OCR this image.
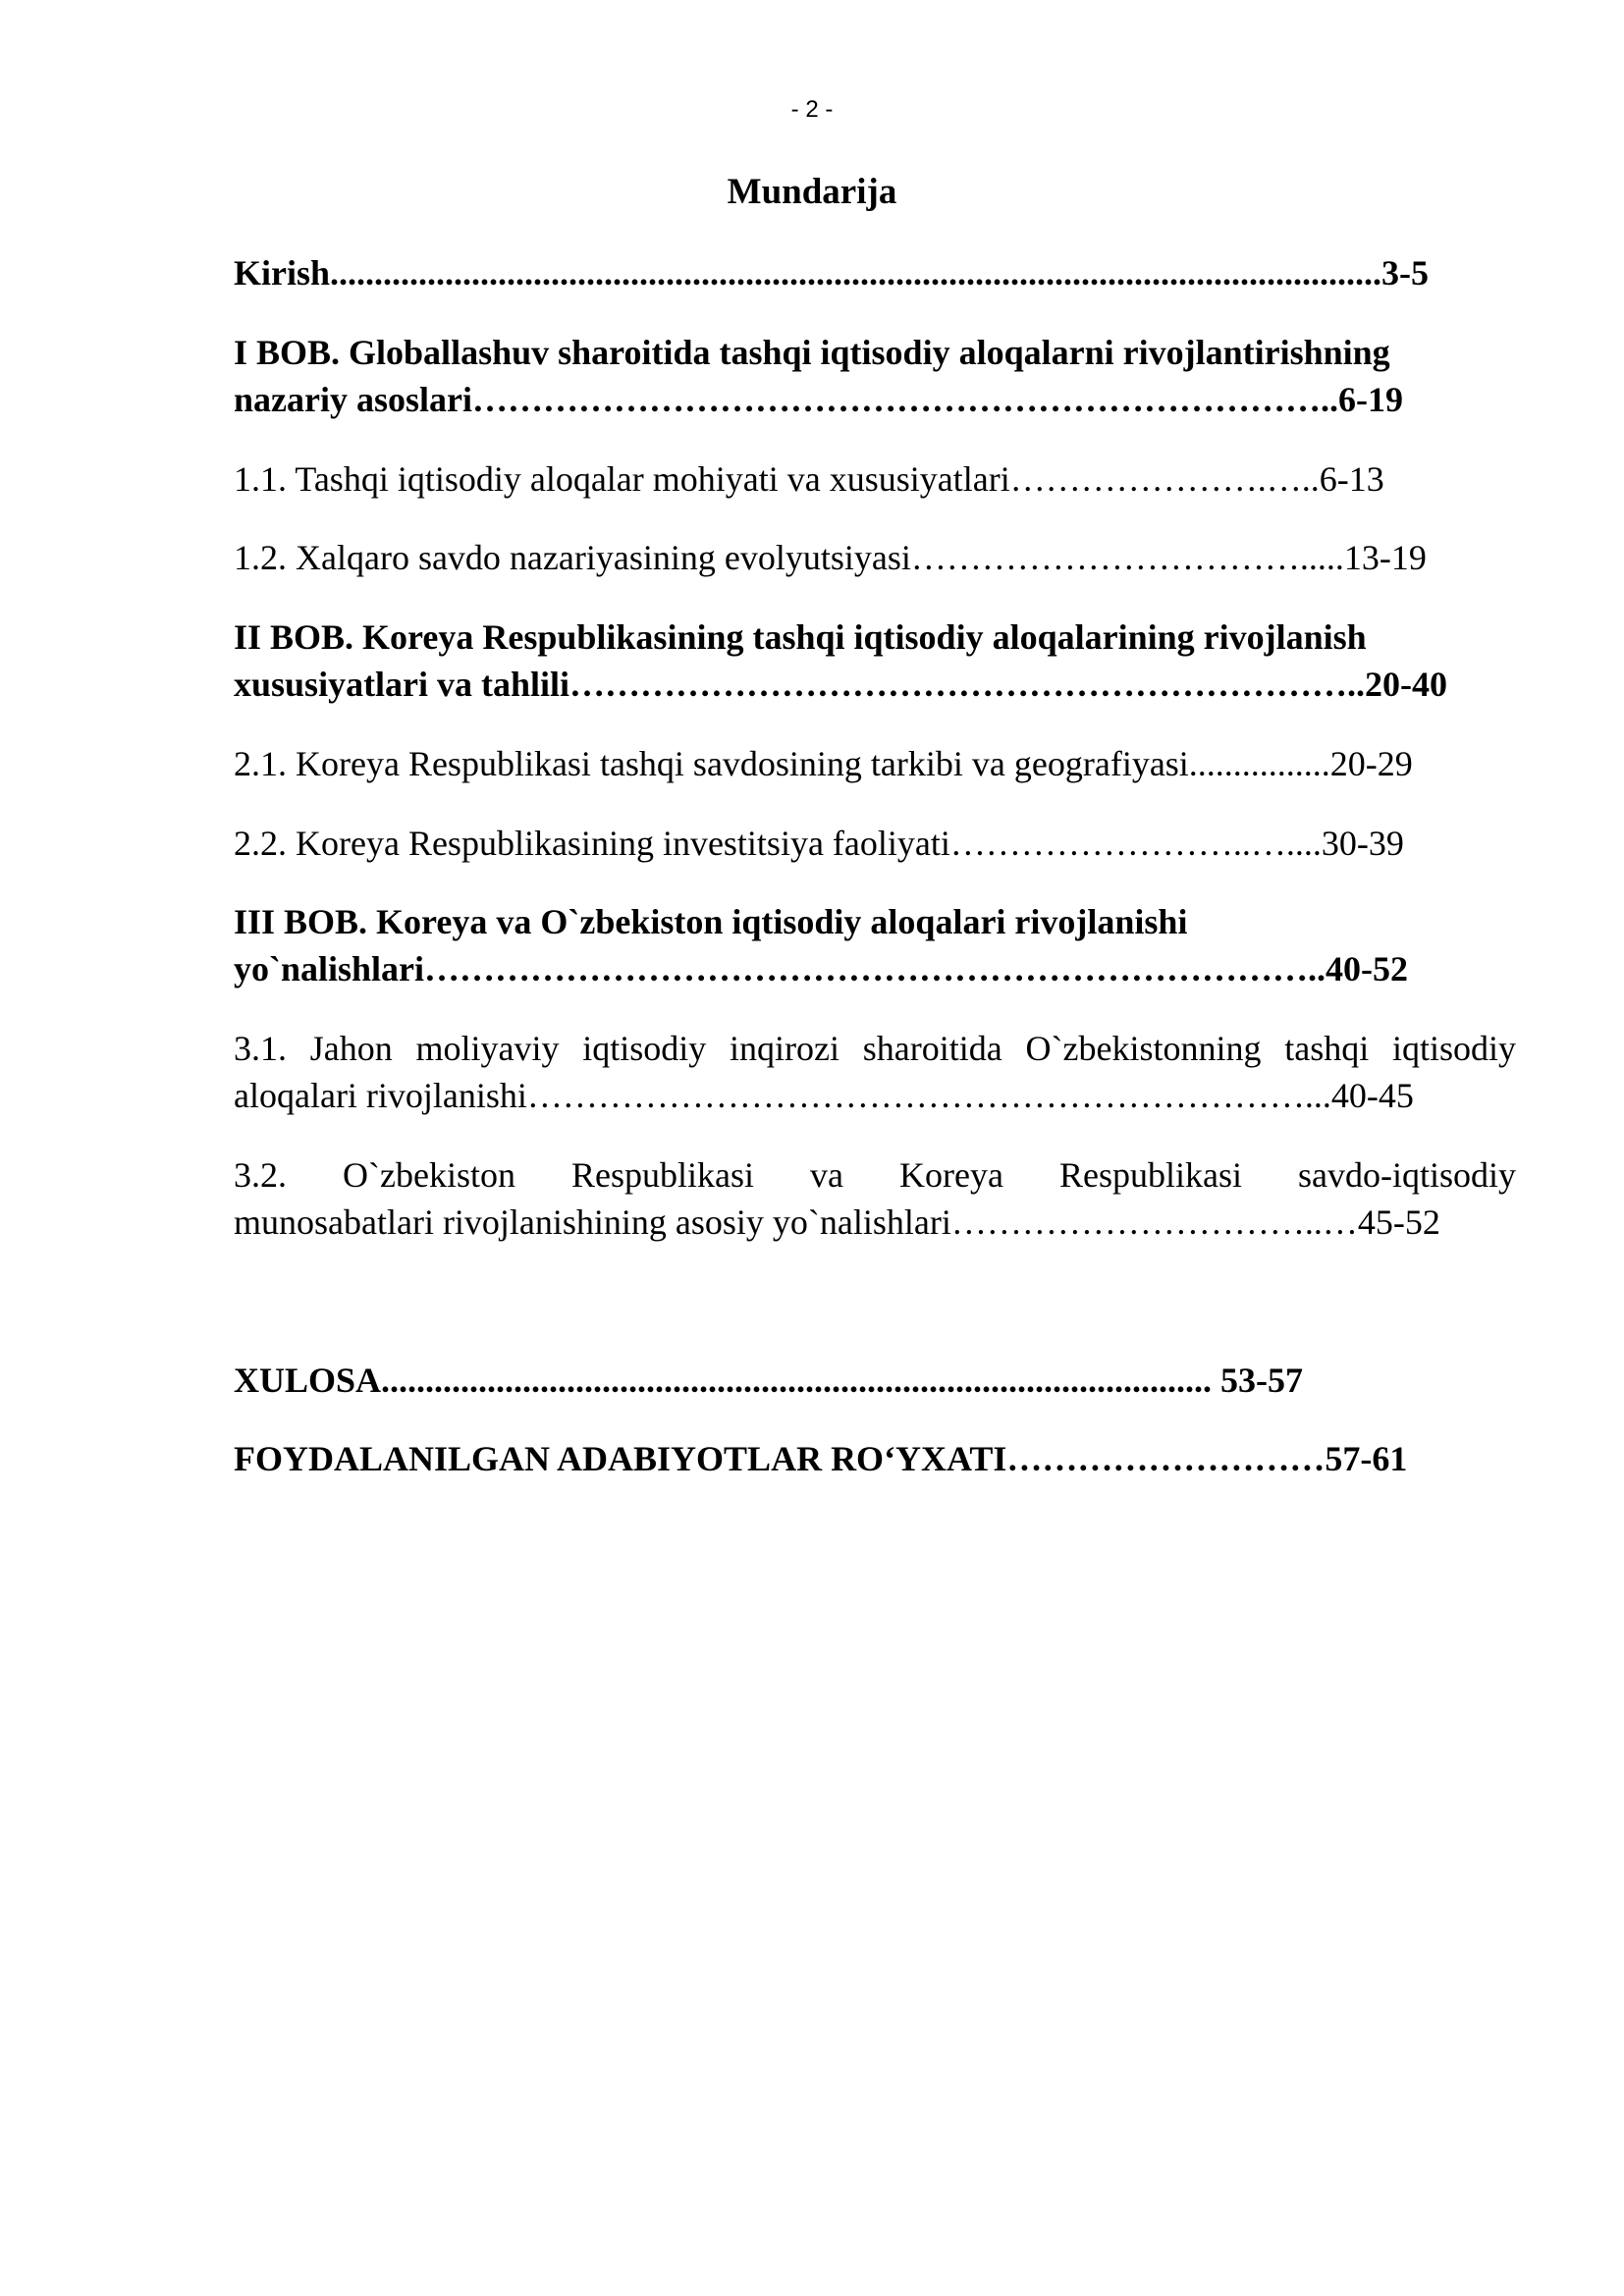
- 2 -
Mundarija
Kirish.......................................................................................................................3-5
I BOB. Globallashuv sharoitida tashqi iqtisodiy aloqalarni rivojlantirishning
nazariy asoslari………………………………………………………………..6-19
1.1. Tashqi iqtisodiy aloqalar mohiyati va xususiyatlari………………….…..6-13
1.2. Xalqaro savdo nazariyasining evolyutsiyasi…………………………….....13-19
II BOB. Koreya Respublikasining tashqi iqtisodiy aloqalarining rivojlanish
xususiyatlari va tahlili…………………………………………………………..20-40
2.1. Koreya Respublikasi tashqi savdosining tarkibi va geografiyasi................20-29
2.2. Koreya Respublikasining investitsiya faoliyati……………………..…....30-39
III BOB. Koreya va O`zbekiston iqtisodiy aloqalari rivojlanishi
yo`nalishlari…………………………………………………………………..40-52
3.1. Jahon moliyaviy iqtisodiy inqirozi sharoitida O`zbekistonning tashqi iqtisodiy
aloqalari rivojlanishi…………………………………………………………...40-45
3.2. O`zbekiston Respublikasi va Koreya Respublikasi savdo-iqtisodiy
munosabatlari rivojlanishining asosiy yo`nalishlari…………………………..…45-52
XULOSA.............................................................................................. 53-57
FOYDALANILGAN ADABIYOTLAR RO‘YXATI………………………57-61
